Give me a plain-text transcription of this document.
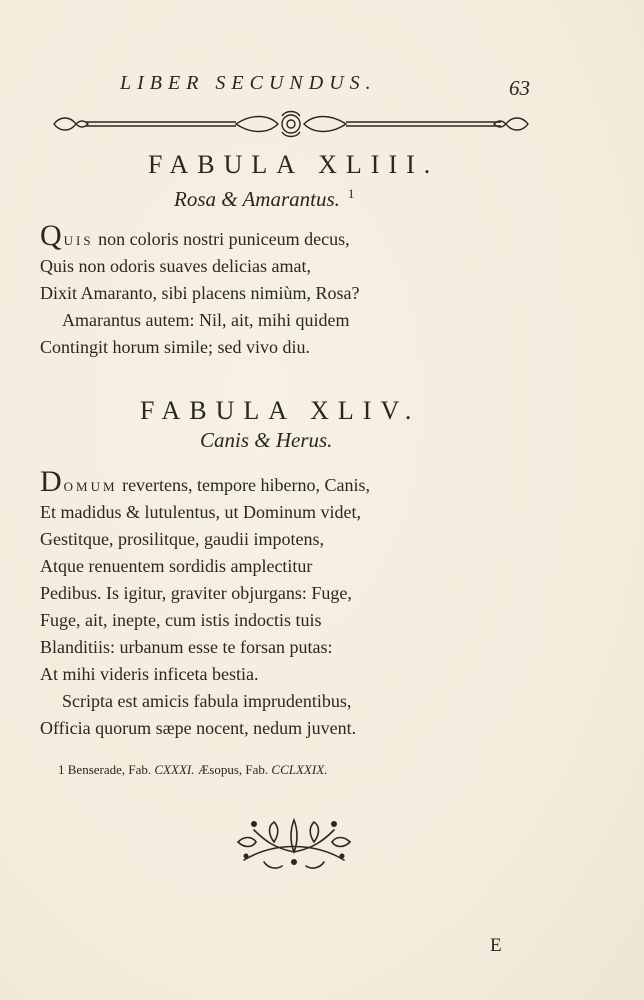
LIBER SECUNDUS.	63
FABULA XLIII.
Rosa & Amarantus. $^1$
Quis non coloris nostri puniceum decus,
Quis non odoris suaves delicias amat,
Dixit Amaranto, sibi placens nimiùm, Rosa?
Amarantus autem: Nil, ait, mihi quidem
Contingit horum simile; sed vivo diu.
FABULA XLIV.
Canis & Herus.
Domum revertens, tempore hiberno, Canis,
Et madidus & lutulentus, ut Dominum videt,
Gestitque, prosilitque, gaudii impotens,
Atque renuentem sordidis amplectitur
Pedibus. Is igitur, graviter objurgans: Fuge,
Fuge, ait, inepte, cum istis indoctis tuis
Blanditiis: urbanum esse te forsan putas:
At mihi videris inficeta bestia.
Scripta est amicis fabula imprudentibus,
Officia quorum sæpe nocent, nedum juvent.
1 Benserade, Fab. CXXXI. Æsopus, Fab. CCLXXIX.
E
